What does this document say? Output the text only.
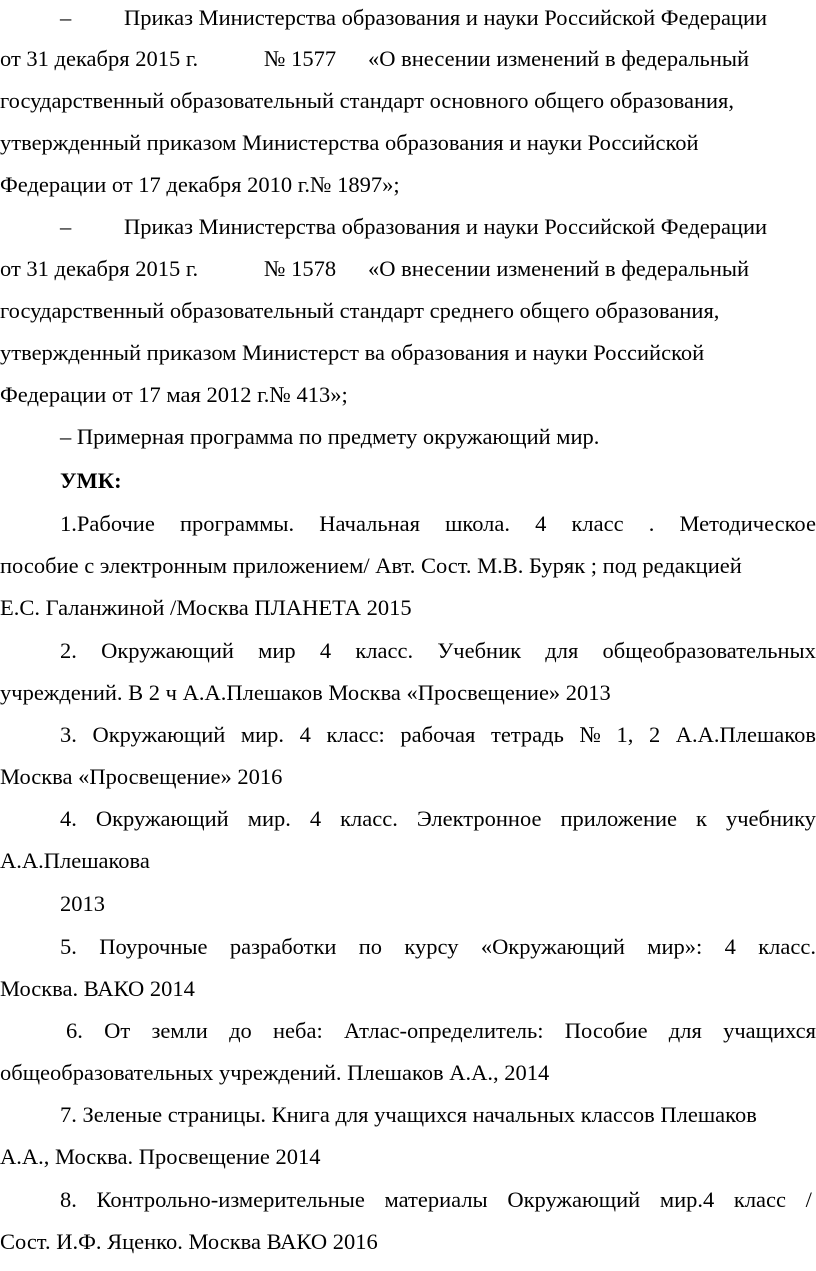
– Приказ Министерства образования и науки Российской Федерации
от 31 декабря 2015 г.	№ 1577 «О внесении изменений в федеральный
государственный образовательный стандарт основного общего образования,
утвержденный приказом Министерства образования и науки Российской
Федерации от 17 декабря 2010 г.№ 1897»;
– Приказ Министерства образования и науки Российской Федерации
от 31 декабря 2015 г.	№ 1578 «О внесении изменений в федеральный
государственный образовательный стандарт среднего общего образования,
утвержденный приказом Министерст ва образования и науки Российской
Федерации от 17 мая 2012 г.№ 413»;
– Примерная программа по предмету окружающий мир.
УМК:
1.Рабочие программы. Начальная школа. 4 класс . Методическое
пособие с электронным приложением/ Авт. Сост. М.В. Буряк ; под редакцией
Е.С. Галанжиной /Москва ПЛАНЕТА 2015
2. Окружающий мир 4 класс. Учебник для общеобразовательных
учреждений. В 2 ч А.А.Плешаков Москва «Просвещение» 2013
3. Окружающий мир. 4 класс: рабочая тетрадь № 1, 2 А.А.Плешаков
Москва «Просвещение» 2016
4. Окружающий мир. 4 класс. Электронное приложение к учебнику
А.А.Плешакова
2013
5. Поурочные разработки по курсу «Окружающий мир»: 4 класс.
Москва. ВАКО 2014
6. От земли до неба: Атлас-определитель: Пособие для учащихся
общеобразовательных учреждений. Плешаков А.А., 2014
7. Зеленые страницы. Книга для учащихся начальных классов Плешаков
А.А., Москва. Просвещение 2014
8. Контрольно-измерительные материалы Окружающий мир.4 класс /
Сост. И.Ф. Яценко. Москва ВАКО 2016
